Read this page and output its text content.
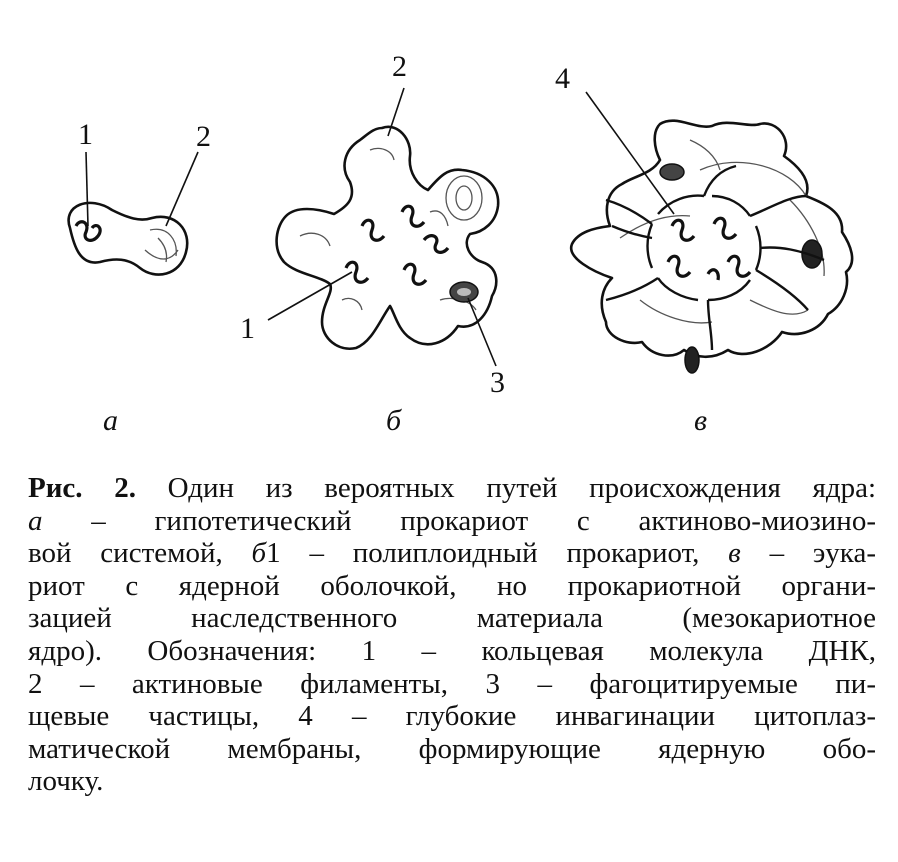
1	2
а
2
1
3
б
4
в
Рис. 2. Один из вероятных путей происхождения ядра:
а – гипотетический прокариот с актиново-миозино-
вой системой, б1 – полиплоидный прокариот, в – эука-
риот с ядерной оболочкой, но прокариотной органи-
зацией наследственного материала (мезокариотное
ядро). Обозначения: 1 – кольцевая молекула ДНК,
2 – актиновые филаменты, 3 – фагоцитируемые пи-
щевые частицы, 4 – глубокие инвагинации цитоплаз-
матической мембраны, формирующие ядерную обо-
лочку.
